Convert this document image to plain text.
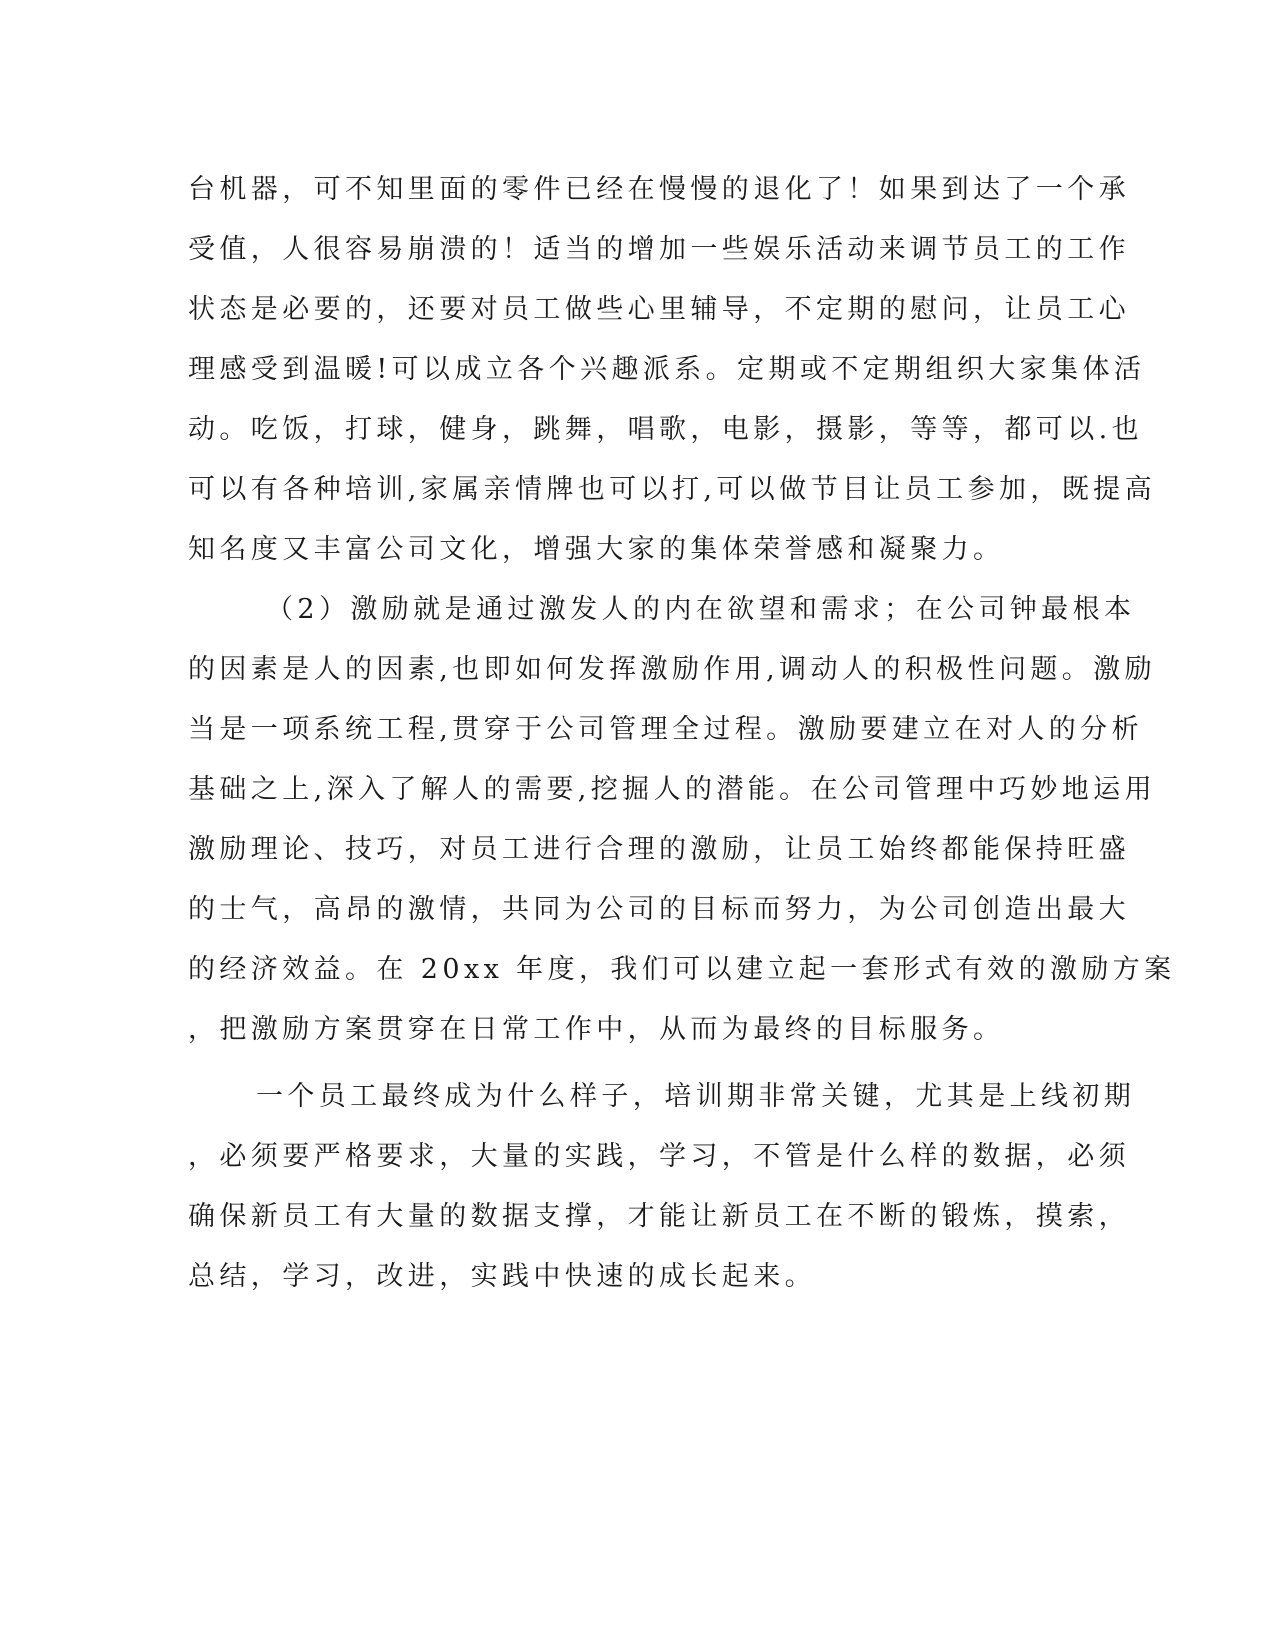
台机器，可不知里面的零件已经在慢慢的退化了！如果到达了一个承
受值，人很容易崩溃的！适当的增加一些娱乐活动来调节员工的工作
状态是必要的，还要对员工做些心里辅导，不定期的慰问，让员工心
理感受到温暖!可以成立各个兴趣派系。定期或不定期组织大家集体活
动。吃饭，打球，健身，跳舞，唱歌，电影，摄影，等等，都可以.也
可以有各种培训,家属亲情牌也可以打,可以做节目让员工参加，既提高
知名度又丰富公司文化，增强大家的集体荣誉感和凝聚力。
（2）激励就是通过激发人的内在欲望和需求；在公司钟最根本
的因素是人的因素,也即如何发挥激励作用,调动人的积极性问题。激励
当是一项系统工程,贯穿于公司管理全过程。激励要建立在对人的分析
基础之上,深入了解人的需要,挖掘人的潜能。在公司管理中巧妙地运用
激励理论、技巧，对员工进行合理的激励，让员工始终都能保持旺盛
的士气，高昂的激情，共同为公司的目标而努力，为公司创造出最大
的经济效益。在 20xx 年度，我们可以建立起一套形式有效的激励方案
，把激励方案贯穿在日常工作中，从而为最终的目标服务。
一个员工最终成为什么样子，培训期非常关键，尤其是上线初期
，必须要严格要求，大量的实践，学习，不管是什么样的数据，必须
确保新员工有大量的数据支撑，才能让新员工在不断的锻炼，摸索，
总结，学习，改进，实践中快速的成长起来。
